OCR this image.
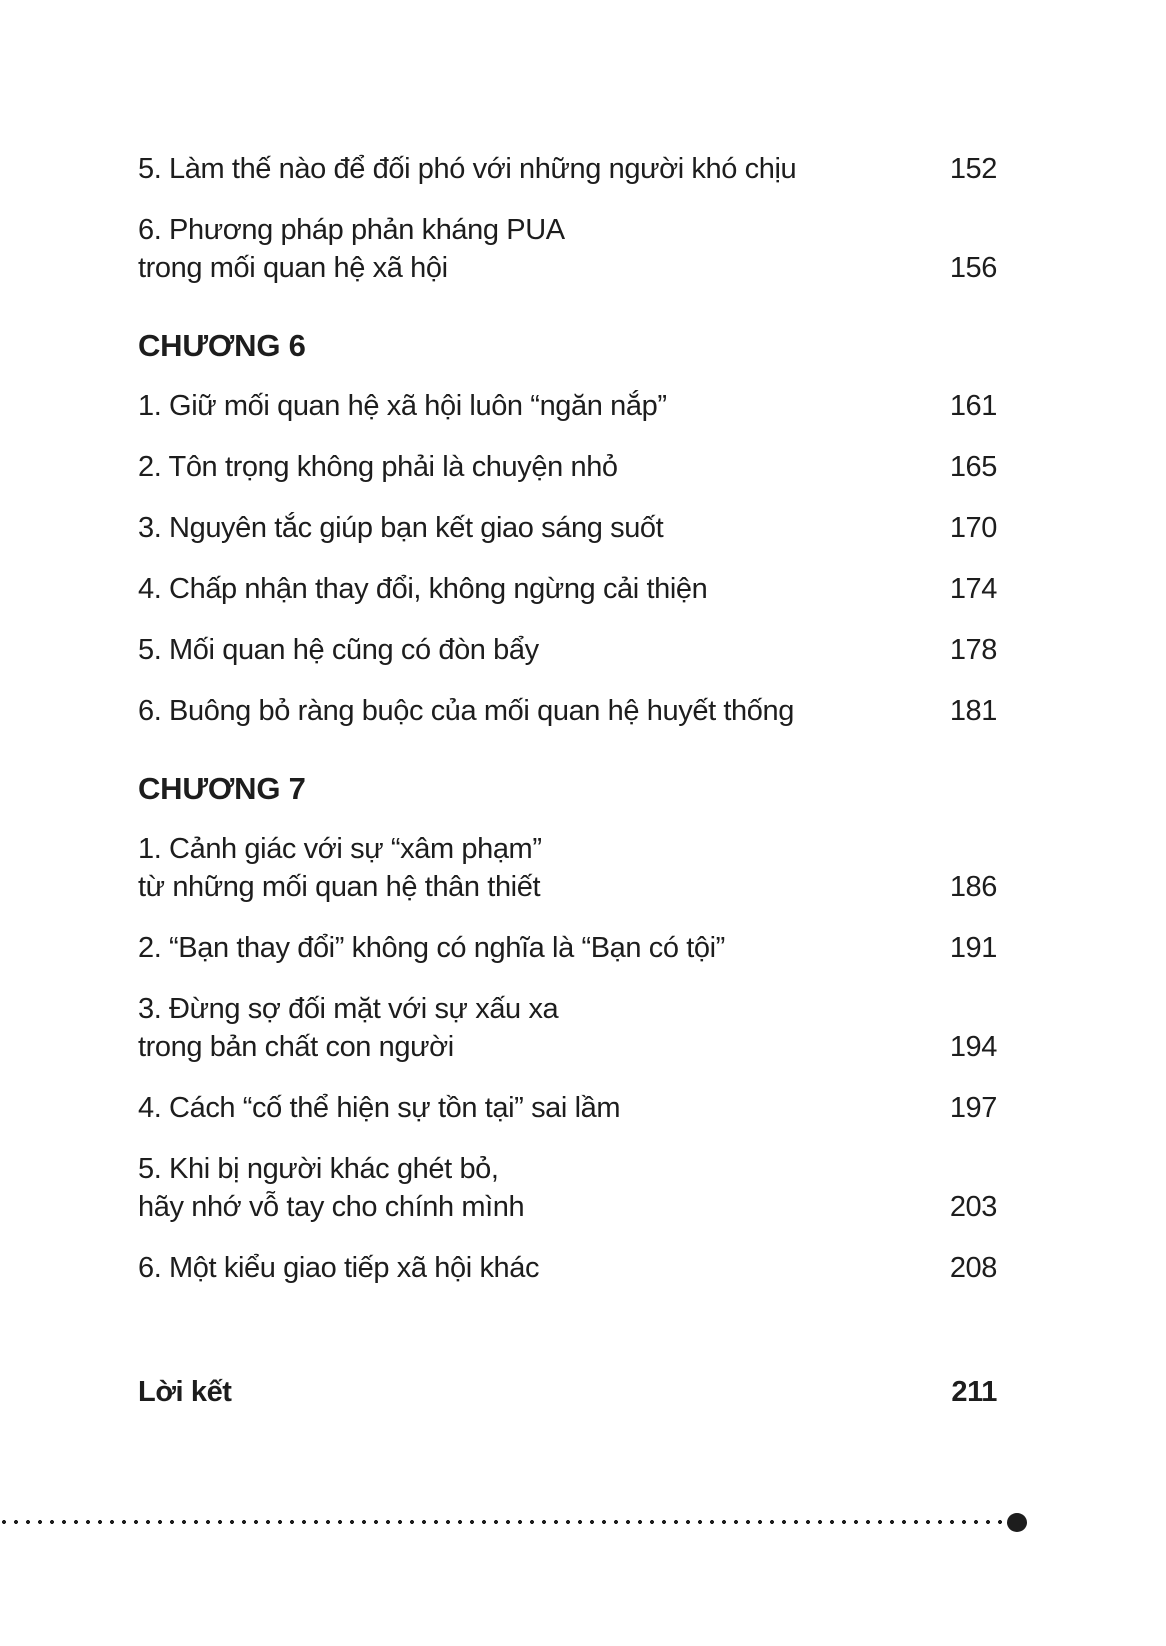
5. Làm thế nào để đối phó với những người khó chịu	152
6. Phương pháp phản kháng PUA
trong mối quan hệ xã hội	156
CHƯƠNG 6
1. Giữ mối quan hệ xã hội luôn “ngăn nắp”	161
2. Tôn trọng không phải là chuyện nhỏ	165
3. Nguyên tắc giúp bạn kết giao sáng suốt	170
4. Chấp nhận thay đổi, không ngừng cải thiện	174
5. Mối quan hệ cũng có đòn bẩy	178
6. Buông bỏ ràng buộc của mối quan hệ huyết thống	181
CHƯƠNG 7
1. Cảnh giác với sự “xâm phạm”
từ những mối quan hệ thân thiết	186
2. “Bạn thay đổi” không có nghĩa là “Bạn có tội”	191
3. Đừng sợ đối mặt với sự xấu xa
trong bản chất con người	194
4. Cách “cố thể hiện sự tồn tại” sai lầm	197
5. Khi bị người khác ghét bỏ,
hãy nhớ vỗ tay cho chính mình	203
6. Một kiểu giao tiếp xã hội khác	208
Lời kết	211
